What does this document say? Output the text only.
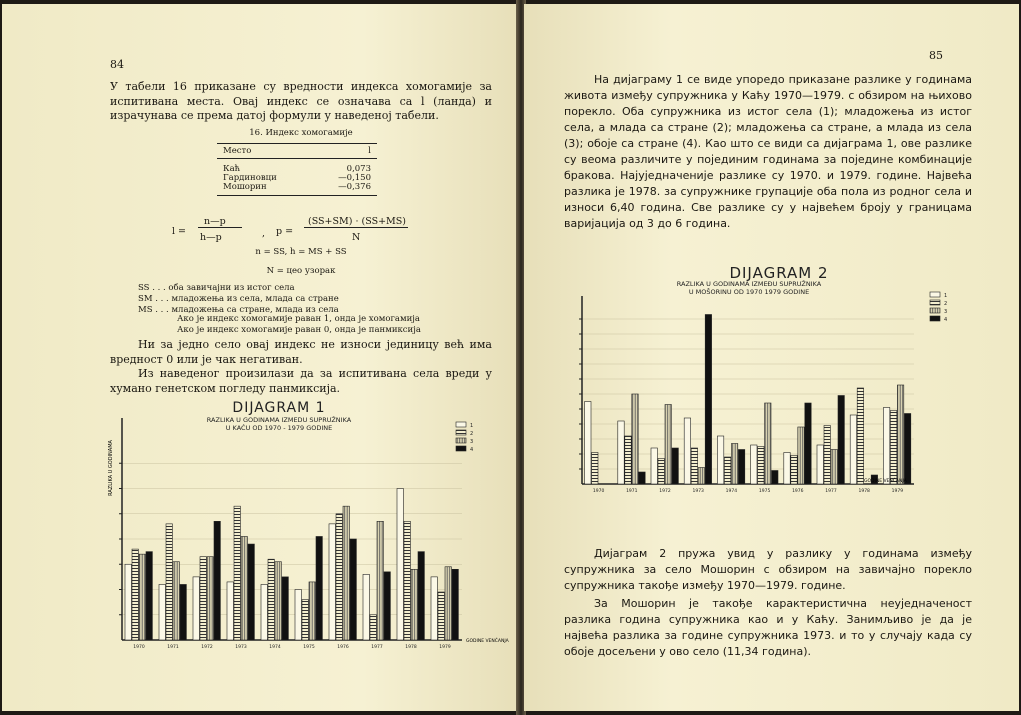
84
У табели 16 приказане су вредности индекса хомогамије за испитивана места. Овај индекс се означава са l (ланда) и израчунава се према датој формули у наведеној табели.
16. Индекс хомогамије
Место	l
Каћ	0,073
Гардиновци	—0,150
Мошорин	—0,376
l =
n—p
h—p	, p =
(SS+SM) · (SS+MS)
N
n = SS, h = MS + SS
N = цео узорак
SS . . . оба завичајни из истог села
SM . . . младожења из села, млада са стране
MS . . . младожења са стране, млада из села
Ако је индекс хомогамије раван 1, онда је хомогамија
Ако је индекс хомогамије раван 0, онда је панмиксија
Ни за једно село овај индекс не износи јединицу већ има вредност 0 или је чак негативан.
Из наведеног произилази да за испитивана села вреди у хумано генетском погледу панмиксија.
DIJAGRAM 1
RAZLIKA U GODINAMA IZMEDU SUPRUŽNIKA
U KAĆU OD 1970 - 1979 GODINE
1970	1971	1972	1973	1974	1975	1976	1977	1978	1979
1
2
3
4
RAZLIKA U GODINAMA
GODINE VENČANJA
85
На дијаграму 1 се виде упоредо приказане разлике у годинама живота између супружника у Каћу 1970—1979. с обзиром на њихово порекло. Оба супружника из истог села (1); младожења из истог села, а млада са стране (2); младожења са стране, а млада из села (3); обоје са стране (4). Као што се види са дијаграма 1, ове разлике су веома различите у појединим годинама за поједине комбинације бракова. Најуједначеније разлике су 1970. и 1979. године. Највећа разлика је 1978. за супружнике групације оба пола из родног села и износи 6,40 година. Све разлике су у највећем броју у границама варијација од 3 до 6 година.
DIJAGRAM 2
RAZLIKA U GODINAMA IZMEĐU SUPRUŽNIKA
U MOŠORINU OD 1970 1979 GODINE
1970	1971	1972	1973	1974	1975	1976	1977	1978	1979
1
2
3
4
GODINE VENČANJA
Дијаграм 2 пружа увид у разлику у годинама између супружника за село Мошорин с обзиром на завичајно порекло супружника такође између 1970—1979. године.
За Мошорин је такође карактеристична неуједначеност разлика година супружника као и у Каћу. Занимљиво је да је највећа разлика за године супружника 1973. и то у случају када су обоје досељени у ово село (11,34 година).
